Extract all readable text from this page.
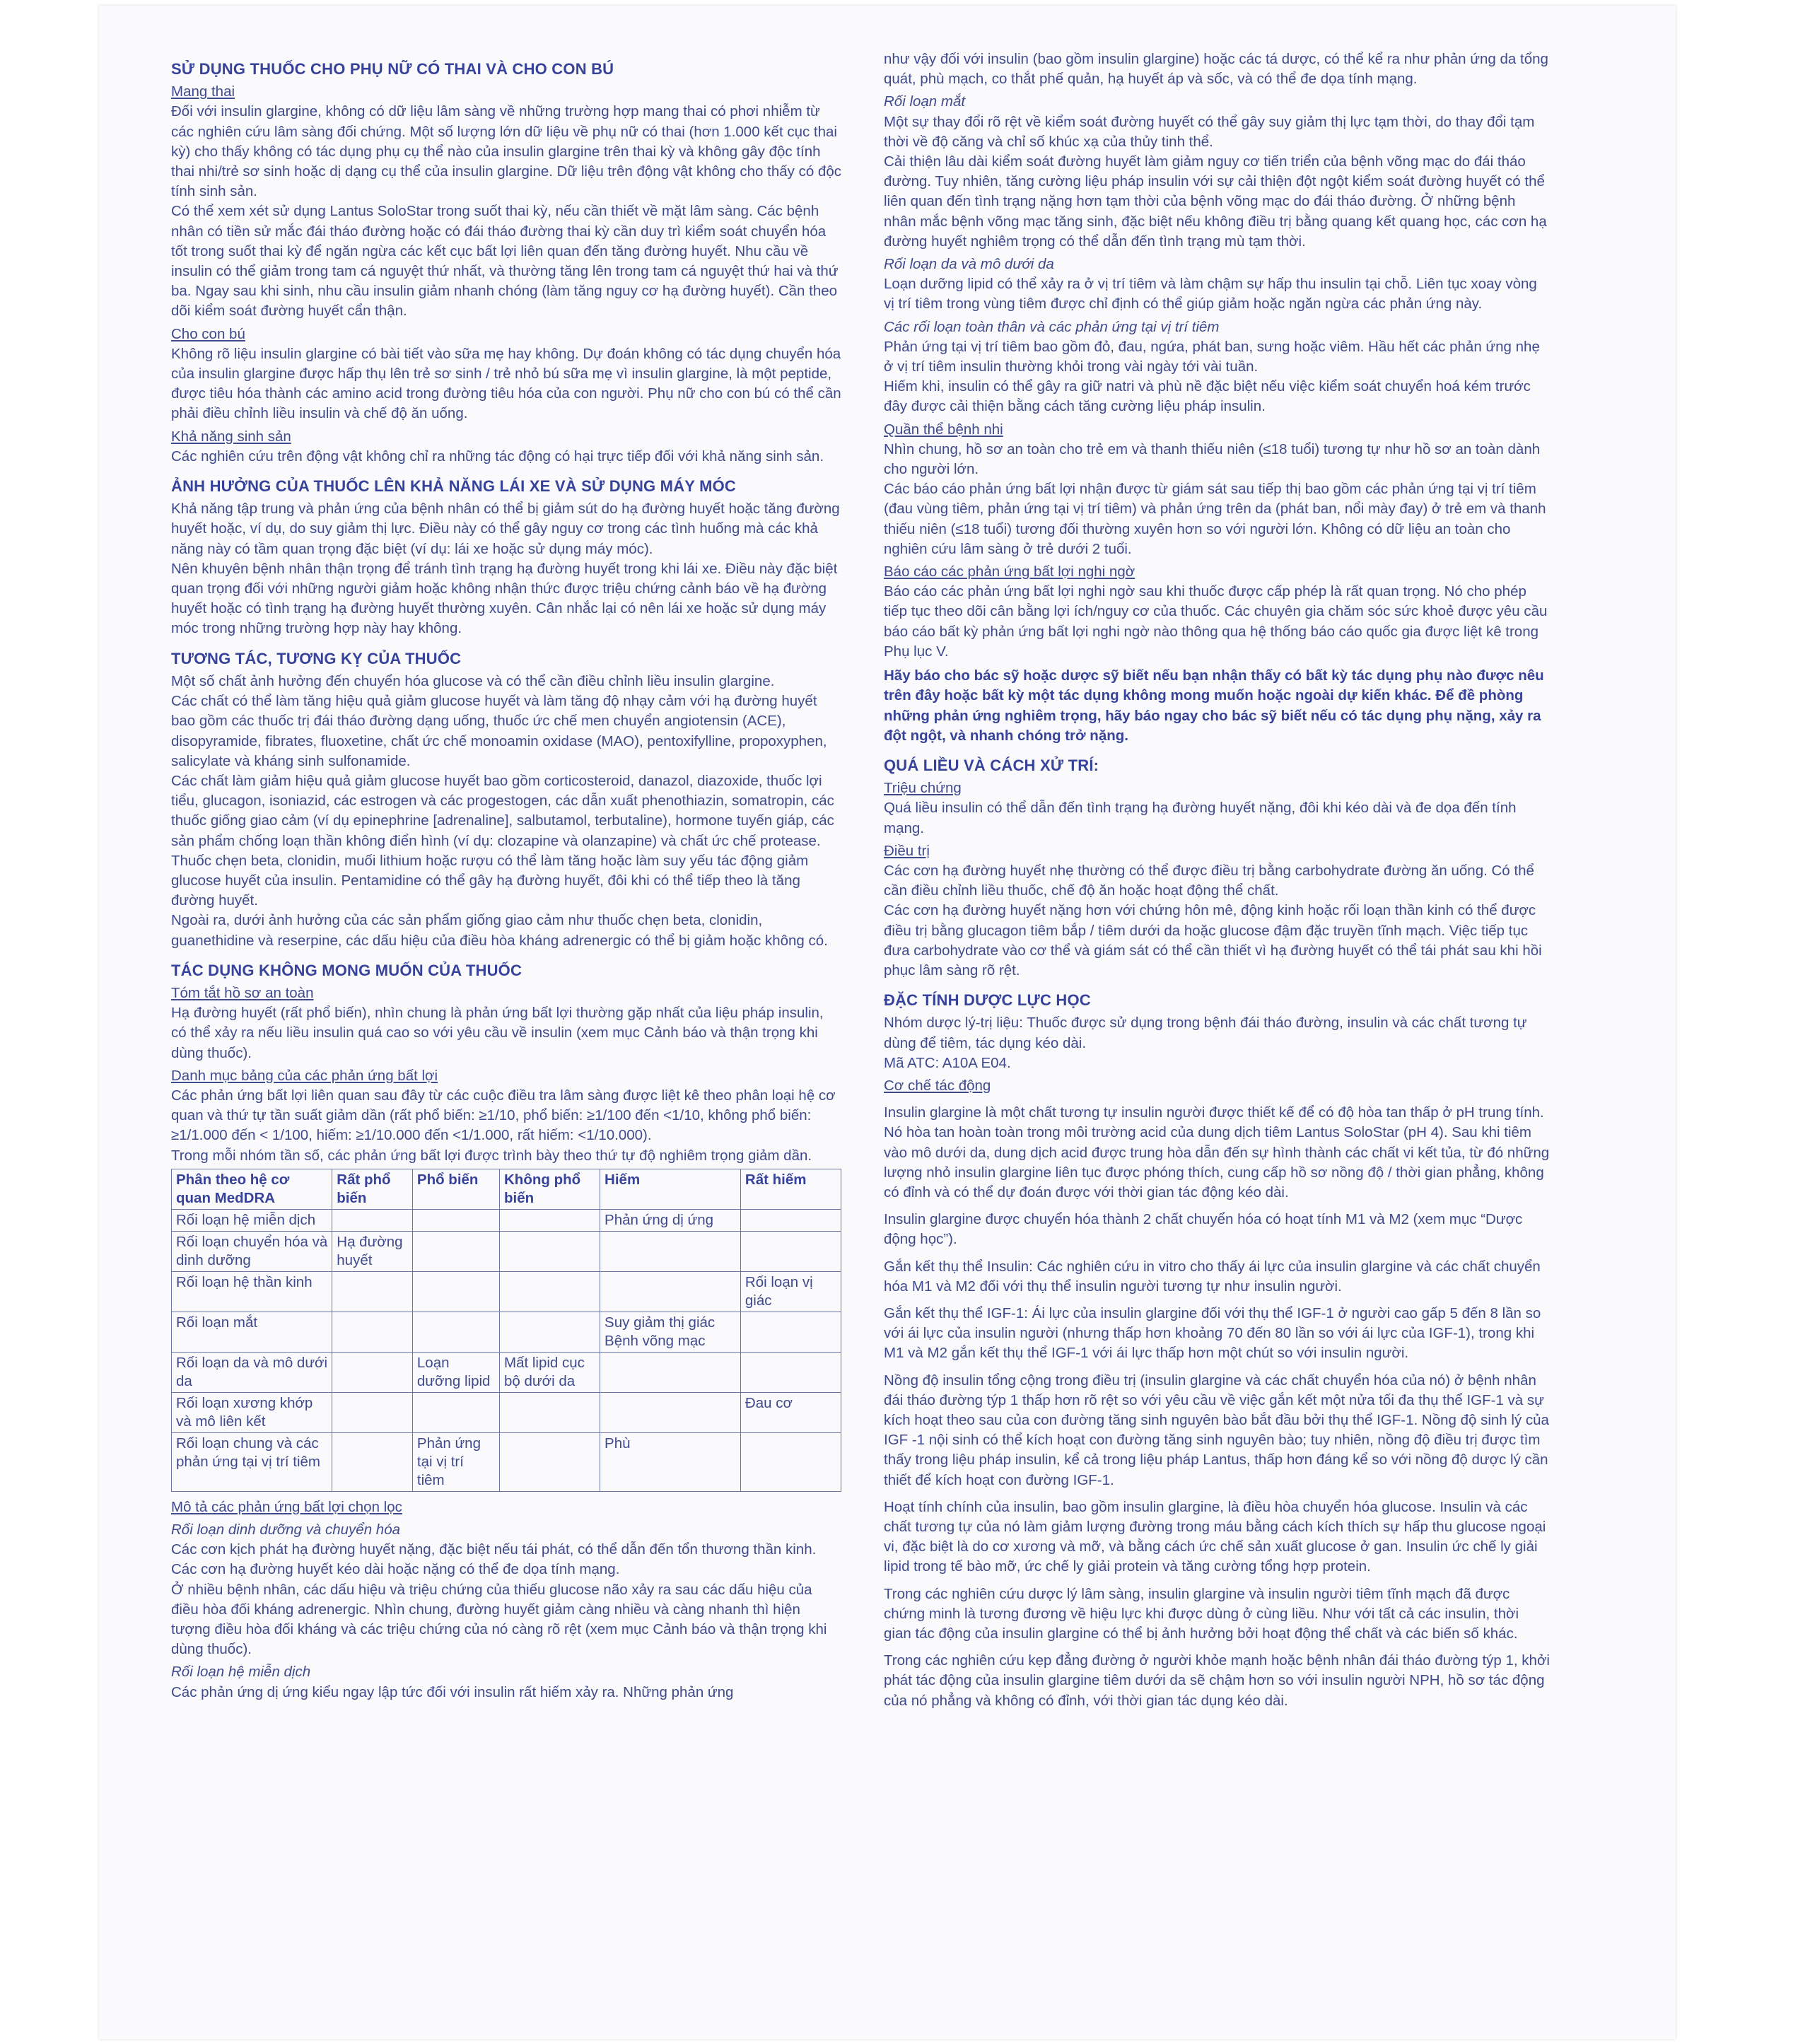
SỬ DỤNG THUỐC CHO PHỤ NỮ CÓ THAI VÀ CHO CON BÚ
Mang thai

Đối với insulin glargine, không có dữ liệu lâm sàng về những trường hợp mang thai có phơi nhiễm từ các nghiên cứu lâm sàng đối chứng. Một số lượng lớn dữ liệu về phụ nữ có thai (hơn 1.000 kết cục thai kỳ) cho thấy không có tác dụng phụ cụ thể nào của insulin glargine trên thai kỳ và không gây độc tính thai nhi/trẻ sơ sinh hoặc dị dạng cụ thể của insulin glargine. Dữ liệu trên động vật không cho thấy có độc tính sinh sản.

Có thể xem xét sử dụng Lantus SoloStar trong suốt thai kỳ, nếu cần thiết về mặt lâm sàng. Các bệnh nhân có tiền sử mắc đái tháo đường hoặc có đái tháo đường thai kỳ cần duy trì kiểm soát chuyển hóa tốt trong suốt thai kỳ để ngăn ngừa các kết cục bất lợi liên quan đến tăng đường huyết. Nhu cầu về insulin có thể giảm trong tam cá nguyệt thứ nhất, và thường tăng lên trong tam cá nguyệt thứ hai và thứ ba. Ngay sau khi sinh, nhu cầu insulin giảm nhanh chóng (làm tăng nguy cơ hạ đường huyết). Cần theo dõi kiểm soát đường huyết cẩn thận.

Cho con bú

Không rõ liệu insulin glargine có bài tiết vào sữa mẹ hay không. Dự đoán không có tác dụng chuyển hóa của insulin glargine được hấp thụ lên trẻ sơ sinh / trẻ nhỏ bú sữa mẹ vì insulin glargine, là một peptide, được tiêu hóa thành các amino acid trong đường tiêu hóa của con người. Phụ nữ cho con bú có thể cần phải điều chỉnh liều insulin và chế độ ăn uống.

Khả năng sinh sản

Các nghiên cứu trên động vật không chỉ ra những tác động có hại trực tiếp đối với khả năng sinh sản.

ẢNH HƯỞNG CỦA THUỐC LÊN KHẢ NĂNG LÁI XE VÀ SỬ DỤNG MÁY MÓC

Khả năng tập trung và phản ứng của bệnh nhân có thể bị giảm sút do hạ đường huyết hoặc tăng đường huyết hoặc, ví dụ, do suy giảm thị lực. Điều này có thể gây nguy cơ trong các tình huống mà các khả năng này có tầm quan trọng đặc biệt (ví dụ: lái xe hoặc sử dụng máy móc).

Nên khuyên bệnh nhân thận trọng để tránh tình trạng hạ đường huyết trong khi lái xe. Điều này đặc biệt quan trọng đối với những người giảm hoặc không nhận thức được triệu chứng cảnh báo về hạ đường huyết hoặc có tình trạng hạ đường huyết thường xuyên. Cân nhắc lại có nên lái xe hoặc sử dụng máy móc trong những trường hợp này hay không.

TƯƠNG TÁC, TƯƠNG KỴ CỦA THUỐC

Một số chất ảnh hưởng đến chuyển hóa glucose và có thể cần điều chỉnh liều insulin glargine.

Các chất có thể làm tăng hiệu quả giảm glucose huyết và làm tăng độ nhạy cảm với hạ đường huyết bao gồm các thuốc trị đái tháo đường dạng uống, thuốc ức chế men chuyển angiotensin (ACE), disopyramide, fibrates, fluoxetine, chất ức chế monoamin oxidase (MAO), pentoxifylline, propoxyphen, salicylate và kháng sinh sulfonamide.

Các chất làm giảm hiệu quả giảm glucose huyết bao gồm corticosteroid, danazol, diazoxide, thuốc lợi tiểu, glucagon, isoniazid, các estrogen và các progestogen, các dẫn xuất phenothiazin, somatropin, các thuốc giống giao cảm (ví dụ epinephrine [adrenaline], salbutamol, terbutaline), hormone tuyến giáp, các sản phẩm chống loạn thần không điển hình (ví dụ: clozapine và olanzapine) và chất ức chế protease.

Thuốc chẹn beta, clonidin, muối lithium hoặc rượu có thể làm tăng hoặc làm suy yếu tác động giảm glucose huyết của insulin. Pentamidine có thể gây hạ đường huyết, đôi khi có thể tiếp theo là tăng đường huyết.

Ngoài ra, dưới ảnh hưởng của các sản phẩm giống giao cảm như thuốc chẹn beta, clonidin, guanethidine và reserpine, các dấu hiệu của điều hòa kháng adrenergic có thể bị giảm hoặc không có.

TÁC DỤNG KHÔNG MONG MUỐN CỦA THUỐC
Tóm tắt hồ sơ an toàn

Hạ đường huyết (rất phổ biến), nhìn chung là phản ứng bất lợi thường gặp nhất của liệu pháp insulin, có thể xảy ra nếu liều insulin quá cao so với yêu cầu về insulin (xem mục Cảnh báo và thận trọng khi dùng thuốc).

Danh mục bảng của các phản ứng bất lợi

Các phản ứng bất lợi liên quan sau đây từ các cuộc điều tra lâm sàng được liệt kê theo phân loại hệ cơ quan và thứ tự tần suất giảm dần (rất phổ biến: ≥1/10, phổ biến: ≥1/100 đến <1/10, không phổ biến: ≥1/1.000 đến < 1/100, hiếm: ≥1/10.000 đến <1/1.000, rất hiếm: <1/10.000).

Trong mỗi nhóm tần số, các phản ứng bất lợi được trình bày theo thứ tự độ nghiêm trọng giảm dần.

Phân theo hệ cơ quan MedDRA	Rất phổ biến	Phổ biến	Không phổ biến	Hiếm	Rất hiếm
Rối loạn hệ miễn dịch				Phản ứng dị ứng	
Rối loạn chuyển hóa và dinh dưỡng	Hạ đường huyết				
Rối loạn hệ thần kinh					Rối loạn vị giác
Rối loạn mắt				Suy giảm thị giác Bệnh võng mạc	
Rối loạn da và mô dưới da		Loạn dưỡng lipid	Mất lipid cục bộ dưới da		
Rối loạn xương khớp và mô liên kết					Đau cơ
Rối loạn chung và các phản ứng tại vị trí tiêm		Phản ứng tại vị trí tiêm		Phù	
Mô tả các phản ứng bất lợi chọn lọc
Rối loạn dinh dưỡng và chuyển hóa

Các cơn kịch phát hạ đường huyết nặng, đặc biệt nếu tái phát, có thể dẫn đến tổn thương thần kinh. Các cơn hạ đường huyết kéo dài hoặc nặng có thể đe dọa tính mạng.

Ở nhiều bệnh nhân, các dấu hiệu và triệu chứng của thiếu glucose não xảy ra sau các dấu hiệu của điều hòa đối kháng adrenergic. Nhìn chung, đường huyết giảm càng nhiều và càng nhanh thì hiện tượng điều hòa đối kháng và các triệu chứng của nó càng rõ rệt (xem mục Cảnh báo và thận trọng khi dùng thuốc).

Rối loạn hệ miễn dịch

Các phản ứng dị ứng kiểu ngay lập tức đối với insulin rất hiếm xảy ra. Những phản ứng

như vậy đối với insulin (bao gồm insulin glargine) hoặc các tá dược, có thể kể ra như phản ứng da tổng quát, phù mạch, co thắt phế quản, hạ huyết áp và sốc, và có thể đe dọa tính mạng.

Rối loạn mắt

Một sự thay đổi rõ rệt về kiểm soát đường huyết có thể gây suy giảm thị lực tạm thời, do thay đổi tạm thời về độ căng và chỉ số khúc xạ của thủy tinh thể.

Cải thiện lâu dài kiểm soát đường huyết làm giảm nguy cơ tiến triển của bệnh võng mạc do đái tháo đường. Tuy nhiên, tăng cường liệu pháp insulin với sự cải thiện đột ngột kiểm soát đường huyết có thể liên quan đến tình trạng nặng hơn tạm thời của bệnh võng mạc do đái tháo đường. Ở những bệnh nhân mắc bệnh võng mạc tăng sinh, đặc biệt nếu không điều trị bằng quang kết quang học, các cơn hạ đường huyết nghiêm trọng có thể dẫn đến tình trạng mù tạm thời.

Rối loạn da và mô dưới da

Loạn dưỡng lipid có thể xảy ra ở vị trí tiêm và làm chậm sự hấp thu insulin tại chỗ. Liên tục xoay vòng vị trí tiêm trong vùng tiêm được chỉ định có thể giúp giảm hoặc ngăn ngừa các phản ứng này.

Các rối loạn toàn thân và các phản ứng tại vị trí tiêm

Phản ứng tại vị trí tiêm bao gồm đỏ, đau, ngứa, phát ban, sưng hoặc viêm. Hầu hết các phản ứng nhẹ ở vị trí tiêm insulin thường khỏi trong vài ngày tới vài tuần.

Hiếm khi, insulin có thể gây ra giữ natri và phù nề đặc biệt nếu việc kiểm soát chuyển hoá kém trước đây được cải thiện bằng cách tăng cường liệu pháp insulin.

Quần thể bệnh nhi

Nhìn chung, hồ sơ an toàn cho trẻ em và thanh thiếu niên (≤18 tuổi) tương tự như hồ sơ an toàn dành cho người lớn.

Các báo cáo phản ứng bất lợi nhận được từ giám sát sau tiếp thị bao gồm các phản ứng tại vị trí tiêm (đau vùng tiêm, phản ứng tại vị trí tiêm) và phản ứng trên da (phát ban, nổi mày đay) ở trẻ em và thanh thiếu niên (≤18 tuổi) tương đối thường xuyên hơn so với người lớn. Không có dữ liệu an toàn cho nghiên cứu lâm sàng ở trẻ dưới 2 tuổi.

Báo cáo các phản ứng bất lợi nghi ngờ

Báo cáo các phản ứng bất lợi nghi ngờ sau khi thuốc được cấp phép là rất quan trọng. Nó cho phép tiếp tục theo dõi cân bằng lợi ích/nguy cơ của thuốc. Các chuyên gia chăm sóc sức khoẻ được yêu cầu báo cáo bất kỳ phản ứng bất lợi nghi ngờ nào thông qua hệ thống báo cáo quốc gia được liệt kê trong Phụ lục V.

Hãy báo cho bác sỹ hoặc dược sỹ biết nếu bạn nhận thấy có bất kỳ tác dụng phụ nào được nêu trên đây hoặc bất kỳ một tác dụng không mong muốn hoặc ngoài dự kiến khác. Để đề phòng những phản ứng nghiêm trọng, hãy báo ngay cho bác sỹ biết nếu có tác dụng phụ nặng, xảy ra đột ngột, và nhanh chóng trở nặng.

QUÁ LIỀU VÀ CÁCH XỬ TRÍ:
Triệu chứng

Quá liều insulin có thể dẫn đến tình trạng hạ đường huyết nặng, đôi khi kéo dài và đe dọa đến tính mạng.

Điều trị

Các cơn hạ đường huyết nhẹ thường có thể được điều trị bằng carbohydrate đường ăn uống. Có thể cần điều chỉnh liều thuốc, chế độ ăn hoặc hoạt động thể chất.

Các cơn hạ đường huyết nặng hơn với chứng hôn mê, động kinh hoặc rối loạn thần kinh có thể được điều trị bằng glucagon tiêm bắp / tiêm dưới da hoặc glucose đậm đặc truyền tĩnh mạch. Việc tiếp tục đưa carbohydrate vào cơ thể và giám sát có thể cần thiết vì hạ đường huyết có thể tái phát sau khi hồi phục lâm sàng rõ rệt.

ĐẶC TÍNH DƯỢC LỰC HỌC

Nhóm dược lý-trị liệu: Thuốc được sử dụng trong bệnh đái tháo đường, insulin và các chất tương tự dùng để tiêm, tác dụng kéo dài.

Mã ATC: A10A E04.

Cơ chế tác động

Insulin glargine là một chất tương tự insulin người được thiết kế để có độ hòa tan thấp ở pH trung tính. Nó hòa tan hoàn toàn trong môi trường acid của dung dịch tiêm Lantus SoloStar (pH 4). Sau khi tiêm vào mô dưới da, dung dịch acid được trung hòa dẫn đến sự hình thành các chất vi kết tủa, từ đó những lượng nhỏ insulin glargine liên tục được phóng thích, cung cấp hồ sơ nồng độ / thời gian phẳng, không có đỉnh và có thể dự đoán được với thời gian tác động kéo dài.

Insulin glargine được chuyển hóa thành 2 chất chuyển hóa có hoạt tính M1 và M2 (xem mục “Dược động học”).

Gắn kết thụ thể Insulin: Các nghiên cứu in vitro cho thấy ái lực của insulin glargine và các chất chuyển hóa M1 và M2 đối với thụ thể insulin người tương tự như insulin người.

Gắn kết thụ thể IGF-1: Ái lực của insulin glargine đối với thụ thể IGF-1 ở người cao gấp 5 đến 8 lần so với ái lực của insulin người (nhưng thấp hơn khoảng 70 đến 80 lần so với ái lực của IGF-1), trong khi M1 và M2 gắn kết thụ thể IGF-1 với ái lực thấp hơn một chút so với insulin người.

Nồng độ insulin tổng cộng trong điều trị (insulin glargine và các chất chuyển hóa của nó) ở bệnh nhân đái tháo đường týp 1 thấp hơn rõ rệt so với yêu cầu về việc gắn kết một nửa tối đa thụ thể IGF-1 và sự kích hoạt theo sau của con đường tăng sinh nguyên bào bắt đầu bởi thụ thể IGF-1. Nồng độ sinh lý của IGF -1 nội sinh có thể kích hoạt con đường tăng sinh nguyên bào; tuy nhiên, nồng độ điều trị được tìm thấy trong liệu pháp insulin, kể cả trong liệu pháp Lantus, thấp hơn đáng kể so với nồng độ dược lý cần thiết để kích hoạt con đường IGF-1.

Hoạt tính chính của insulin, bao gồm insulin glargine, là điều hòa chuyển hóa glucose. Insulin và các chất tương tự của nó làm giảm lượng đường trong máu bằng cách kích thích sự hấp thu glucose ngoại vi, đặc biệt là do cơ xương và mỡ, và bằng cách ức chế sản xuất glucose ở gan. Insulin ức chế ly giải lipid trong tế bào mỡ, ức chế ly giải protein và tăng cường tổng hợp protein.

Trong các nghiên cứu dược lý lâm sàng, insulin glargine và insulin người tiêm tĩnh mạch đã được chứng minh là tương đương về hiệu lực khi được dùng ở cùng liều. Như với tất cả các insulin, thời gian tác động của insulin glargine có thể bị ảnh hưởng bởi hoạt động thể chất và các biến số khác.

Trong các nghiên cứu kẹp đẳng đường ở người khỏe mạnh hoặc bệnh nhân đái tháo đường týp 1, khởi phát tác động của insulin glargine tiêm dưới da sẽ chậm hơn so với insulin người NPH, hồ sơ tác động của nó phẳng và không có đỉnh, với thời gian tác dụng kéo dài.
